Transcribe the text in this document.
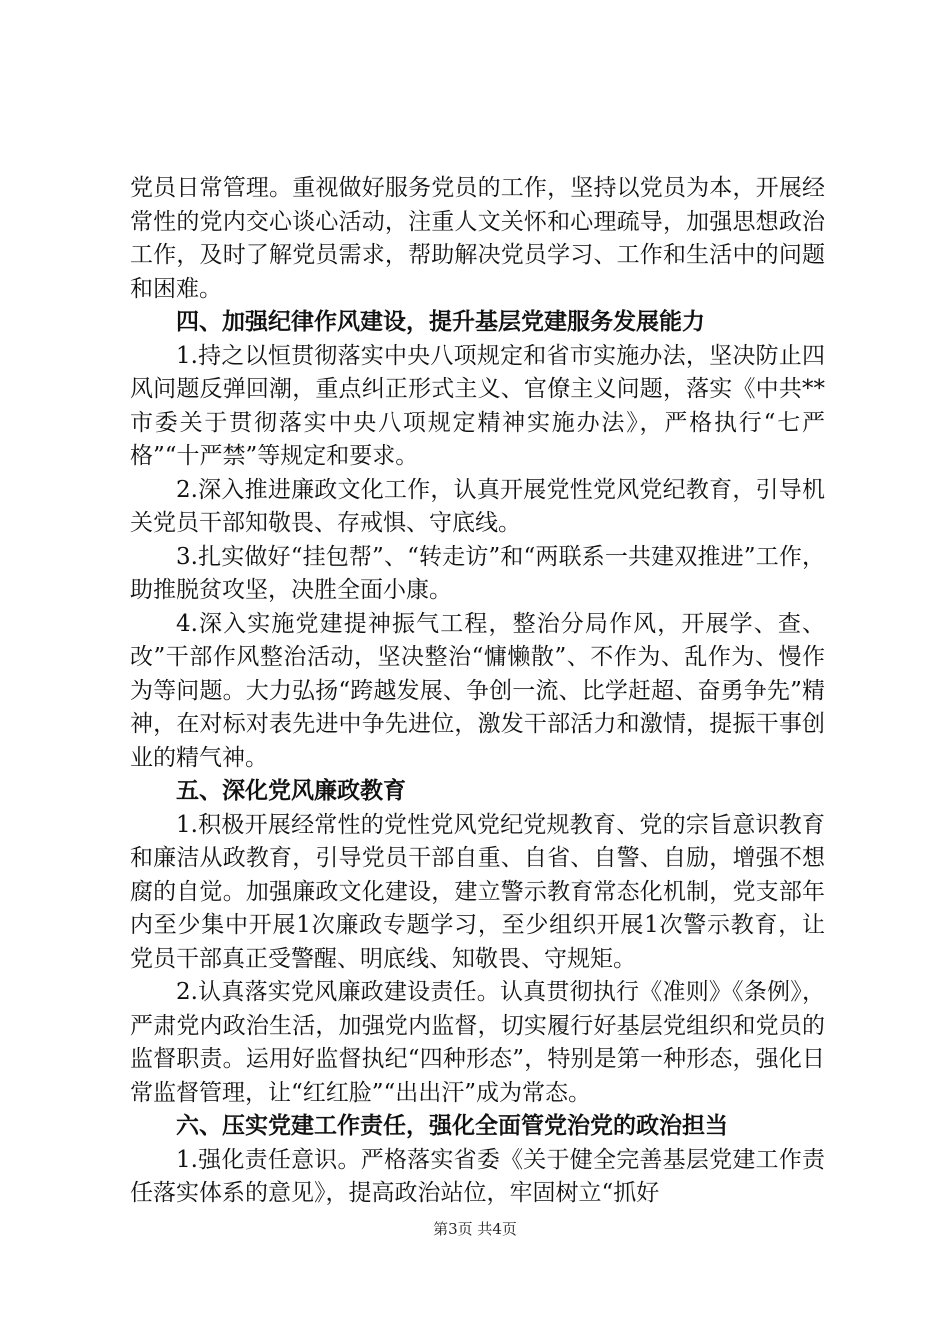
党员日常管理。重视做好服务党员的工作，坚持以党员为本，开展经常性的党内交心谈心活动，注重人文关怀和心理疏导，加强思想政治工作，及时了解党员需求，帮助解决党员学习、工作和生活中的问题和困难。

四、加强纪律作风建设，提升基层党建服务发展能力

1.持之以恒贯彻落实中央八项规定和省市实施办法，坚决防止四风问题反弹回潮，重点纠正形式主义、官僚主义问题，落实《中共**市委关于贯彻落实中央八项规定精神实施办法》，严格执行“七严格”“十严禁”等规定和要求。

2.深入推进廉政文化工作，认真开展党性党风党纪教育，引导机关党员干部知敬畏、存戒惧、守底线。

3.扎实做好“挂包帮”、“转走访”和“两联系一共建双推进”工作，助推脱贫攻坚，决胜全面小康。

4.深入实施党建提神振气工程，整治分局作风，开展学、查、改”干部作风整治活动，坚决整治“慵懒散”、不作为、乱作为、慢作为等问题。大力弘扬“跨越发展、争创一流、比学赶超、奋勇争先”精神，在对标对表先进中争先进位，激发干部活力和激情，提振干事创业的精气神。

五、深化党风廉政教育

1.积极开展经常性的党性党风党纪党规教育、党的宗旨意识教育和廉洁从政教育，引导党员干部自重、自省、自警、自励，增强不想腐的自觉。加强廉政文化建设，建立警示教育常态化机制，党支部年内至少集中开展1次廉政专题学习，至少组织开展1次警示教育，让党员干部真正受警醒、明底线、知敬畏、守规矩。

2.认真落实党风廉政建设责任。认真贯彻执行《准则》《条例》，严肃党内政治生活，加强党内监督，切实履行好基层党组织和党员的监督职责。运用好监督执纪“四种形态”，特别是第一种形态，强化日常监督管理，让“红红脸”“出出汗”成为常态。

六、压实党建工作责任，强化全面管党治党的政治担当

1.强化责任意识。严格落实省委《关于健全完善基层党建工作责任落实体系的意见》，提高政治站位，牢固树立“抓好

第3页 共4页
